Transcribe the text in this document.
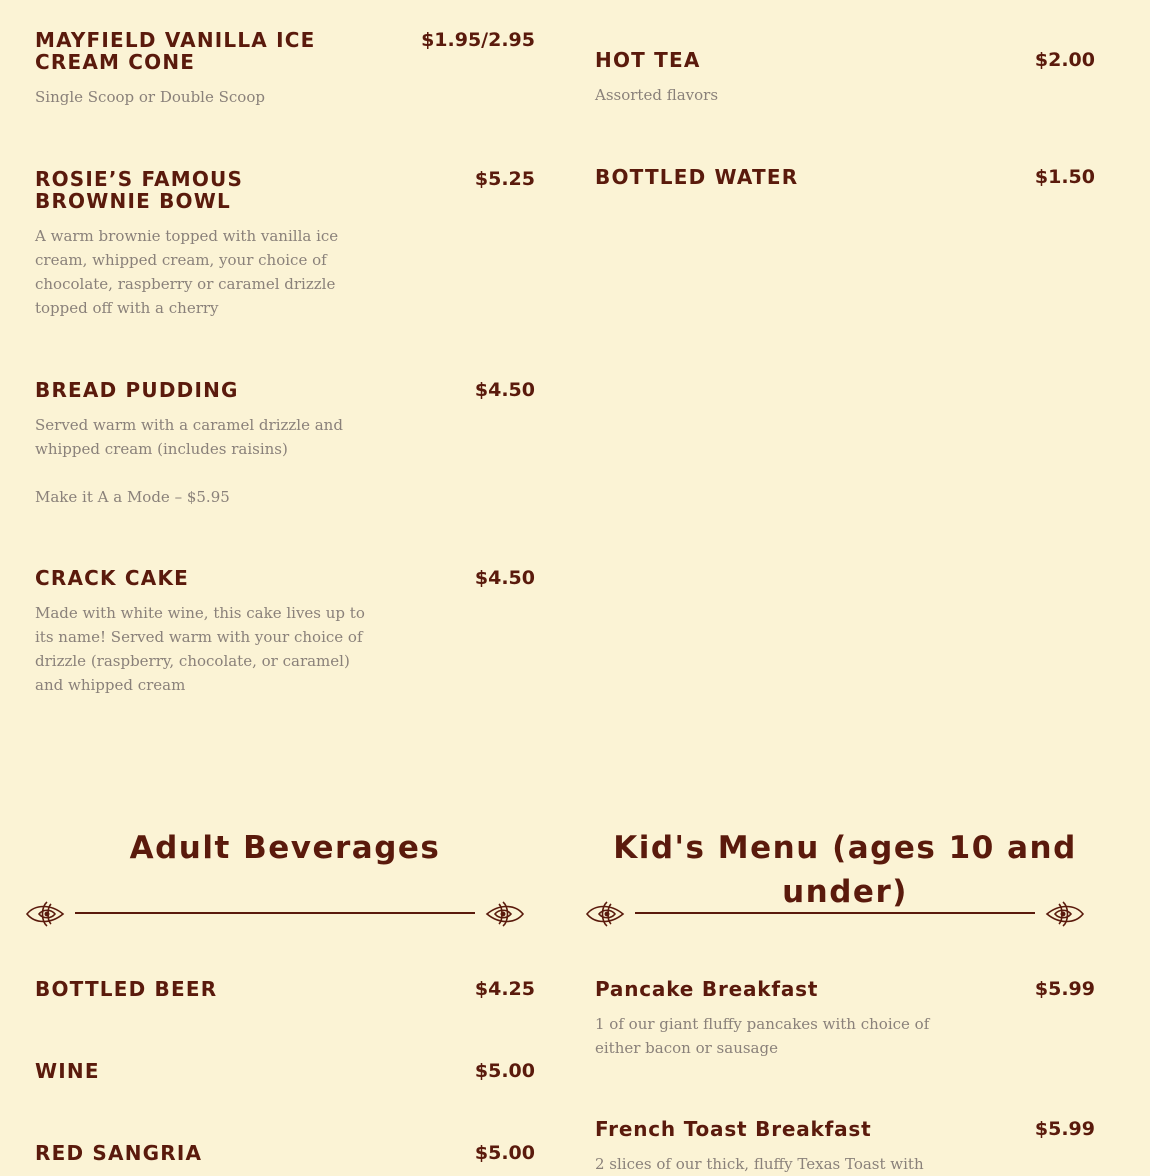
MAYFIELD VANILLA ICE CREAM CONE
$1.95/2.95
Single Scoop or Double Scoop
ROSIE’S FAMOUS BROWNIE BOWL
$5.25
A warm brownie topped with vanilla ice cream, whipped cream, your choice of chocolate, raspberry or caramel drizzle topped off with a cherry
BREAD PUDDING	$4.50
Served warm with a caramel drizzle and whipped cream (includes raisins)
Make it A a Mode – $5.95
CRACK CAKE	$4.50
Made with white wine, this cake lives up to its name! Served warm with your choice of drizzle (raspberry, chocolate, or caramel) and whipped cream
BOTTLED BEER	$4.25
WINE	$5.00
RED SANGRIA	$5.00
HOT TEA	$2.00
Assorted flavors
BOTTLED WATER	$1.50
Pancake Breakfast	$5.99
1 of our giant fluffy pancakes with choice of either bacon or sausage
French Toast Breakfast	$5.99
2 slices of our thick, fluffy Texas Toast with
Adult Beverages	Kid's Menu (ages 10 and under)
